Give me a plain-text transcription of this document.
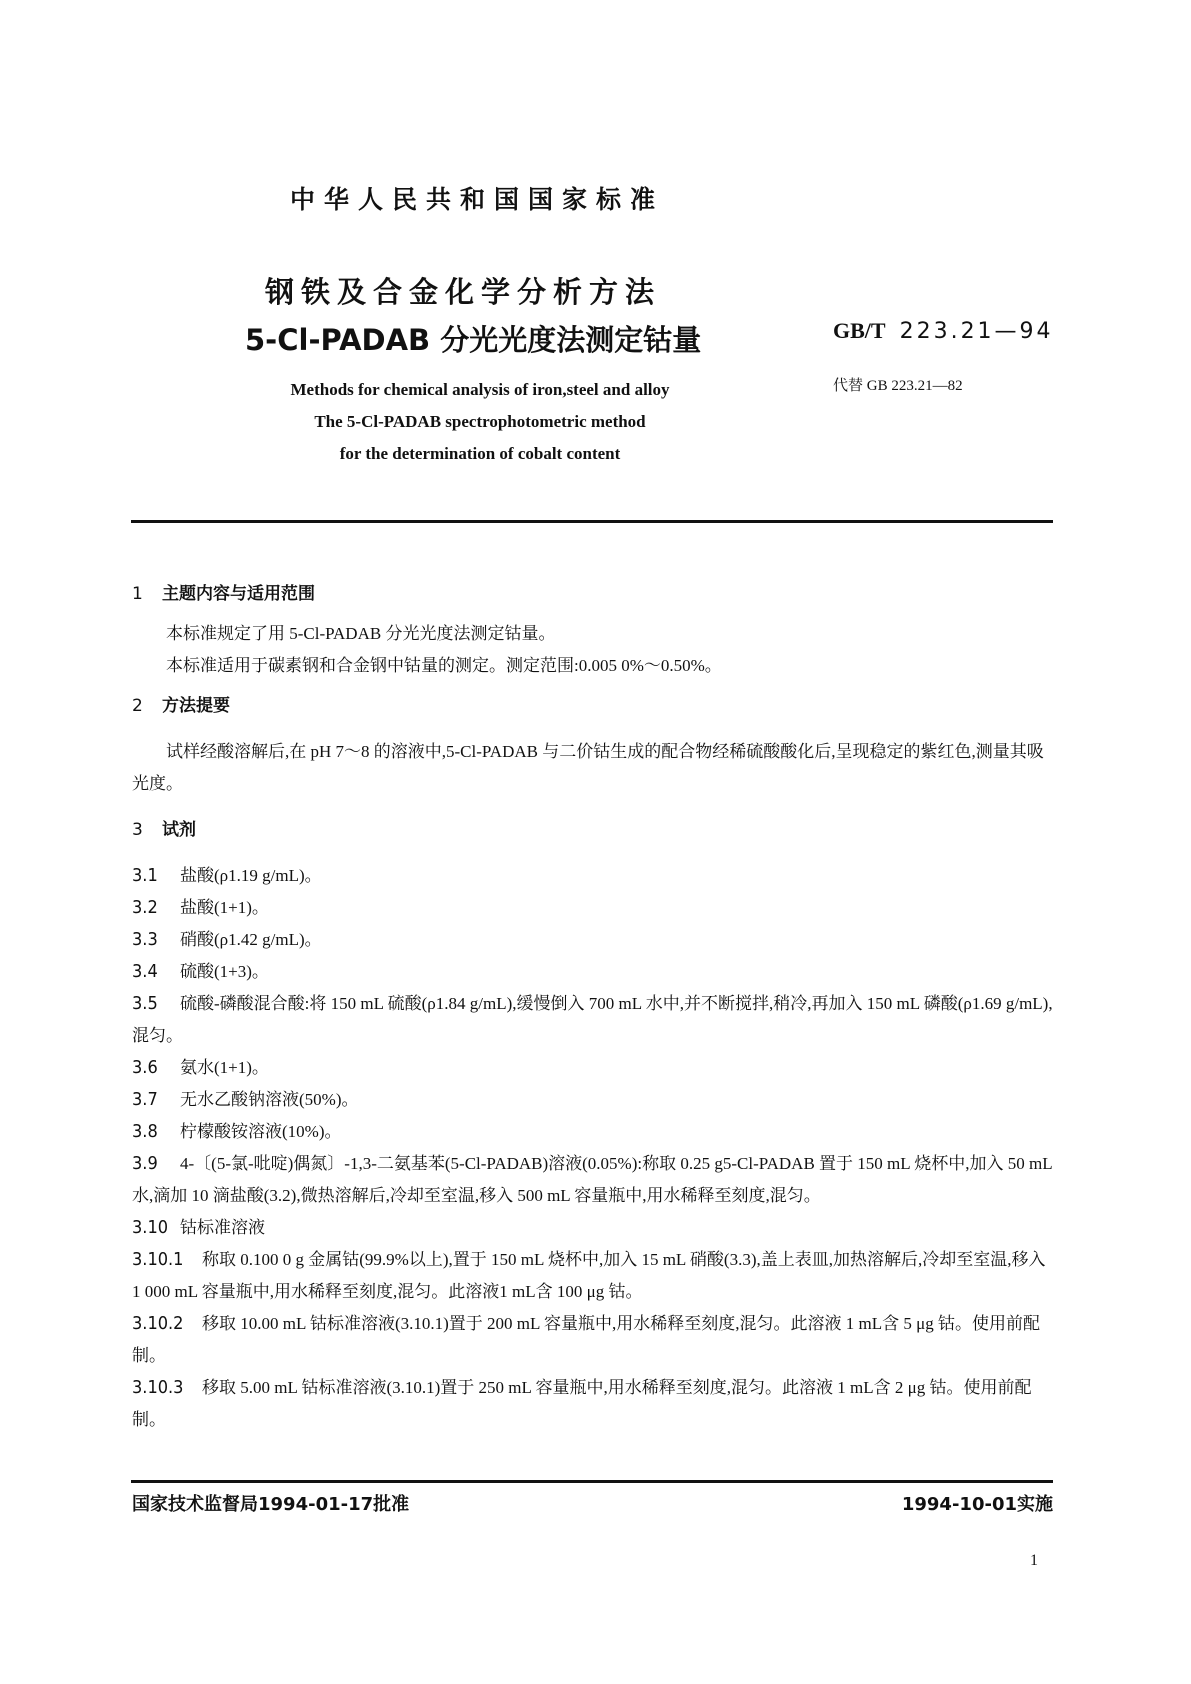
中华人民共和国国家标准
钢铁及合金化学分析方法
5-Cl-PADAB 分光光度法测定钴量	GB/T 223.21—94
代替 GB 223.21—82
Methods for chemical analysis of iron,steel and alloy
The 5-Cl-PADAB spectrophotometric method
for the determination of cobalt content
1 主题内容与适用范围

本标准规定了用 5-Cl-PADAB 分光光度法测定钴量。

本标准适用于碳素钢和合金钢中钴量的测定。测定范围:0.005 0%～0.50%。

2 方法提要

试样经酸溶解后,在 pH 7～8 的溶液中,5-Cl-PADAB 与二价钴生成的配合物经稀硫酸酸化后,呈现稳定的紫红色,测量其吸光度。

3 试剂

3.1 盐酸(ρ1.19 g/mL)。

3.2 盐酸(1+1)。

3.3 硝酸(ρ1.42 g/mL)。

3.4 硫酸(1+3)。

3.5 硫酸-磷酸混合酸:将 150 mL 硫酸(ρ1.84 g/mL),缓慢倒入 700 mL 水中,并不断搅拌,稍冷,再加入 150 mL 磷酸(ρ1.69 g/mL),混匀。

3.6 氨水(1+1)。

3.7 无水乙酸钠溶液(50%)。

3.8 柠檬酸铵溶液(10%)。

3.9 4-〔(5-氯-吡啶)偶氮〕-1,3-二氨基苯(5-Cl-PADAB)溶液(0.05%):称取 0.25 g5-Cl-PADAB 置于 150 mL 烧杯中,加入 50 mL 水,滴加 10 滴盐酸(3.2),微热溶解后,冷却至室温,移入 500 mL 容量瓶中,用水稀释至刻度,混匀。

3.10 钴标准溶液

3.10.1 称取 0.100 0 g 金属钴(99.9%以上),置于 150 mL 烧杯中,加入 15 mL 硝酸(3.3),盖上表皿,加热溶解后,冷却至室温,移入 1 000 mL 容量瓶中,用水稀释至刻度,混匀。此溶液1 mL含 100 μg 钴。

3.10.2 移取 10.00 mL 钴标准溶液(3.10.1)置于 200 mL 容量瓶中,用水稀释至刻度,混匀。此溶液 1 mL含 5 μg 钴。使用前配制。

3.10.3 移取 5.00 mL 钴标准溶液(3.10.1)置于 250 mL 容量瓶中,用水稀释至刻度,混匀。此溶液 1 mL含 2 μg 钴。使用前配制。

国家技术监督局1994-01-17批准	1994-10-01实施
1
